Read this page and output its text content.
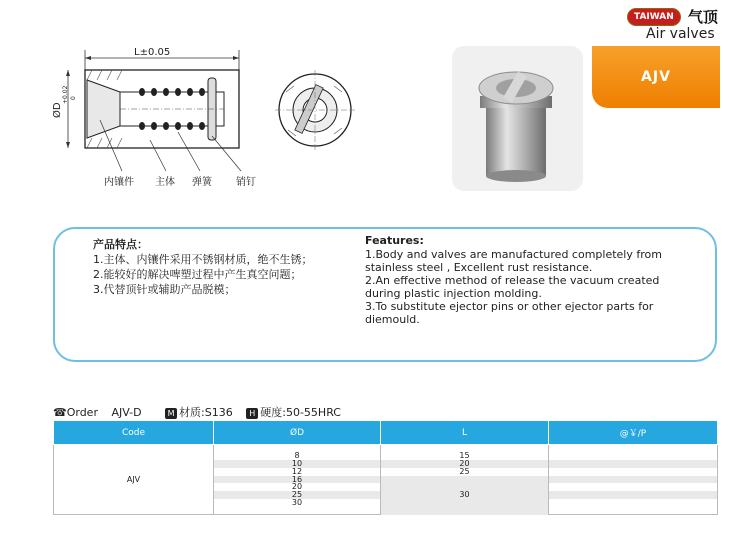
TAIWAN 气顶
Air valves
L±0.05
ØD
+0.02 0
内镶件 主体 弹簧 销钉
AJV
产品特点：
1.主体、内镶件采用不锈钢材质，绝不生锈；
2.能较好的解决啤塑过程中产生真空问题；
3.代替顶针或辅助产品脱模；
Features:
1.Body and valves are manufactured completely from stainless steel , Excellent rust resistance.
2.An effective method of release the vacuum created during plastic injection molding.
3.To substitute ejector pins or other ejector parts for diemould.
☎Order AJV-D	M 材质:S136 H 硬度:50-55HRC
Code	ØD	L	@￥/P
AJV			
	8	15	
	10	20	
	12	25	
	16	30	
	20		
	25		
	30		
